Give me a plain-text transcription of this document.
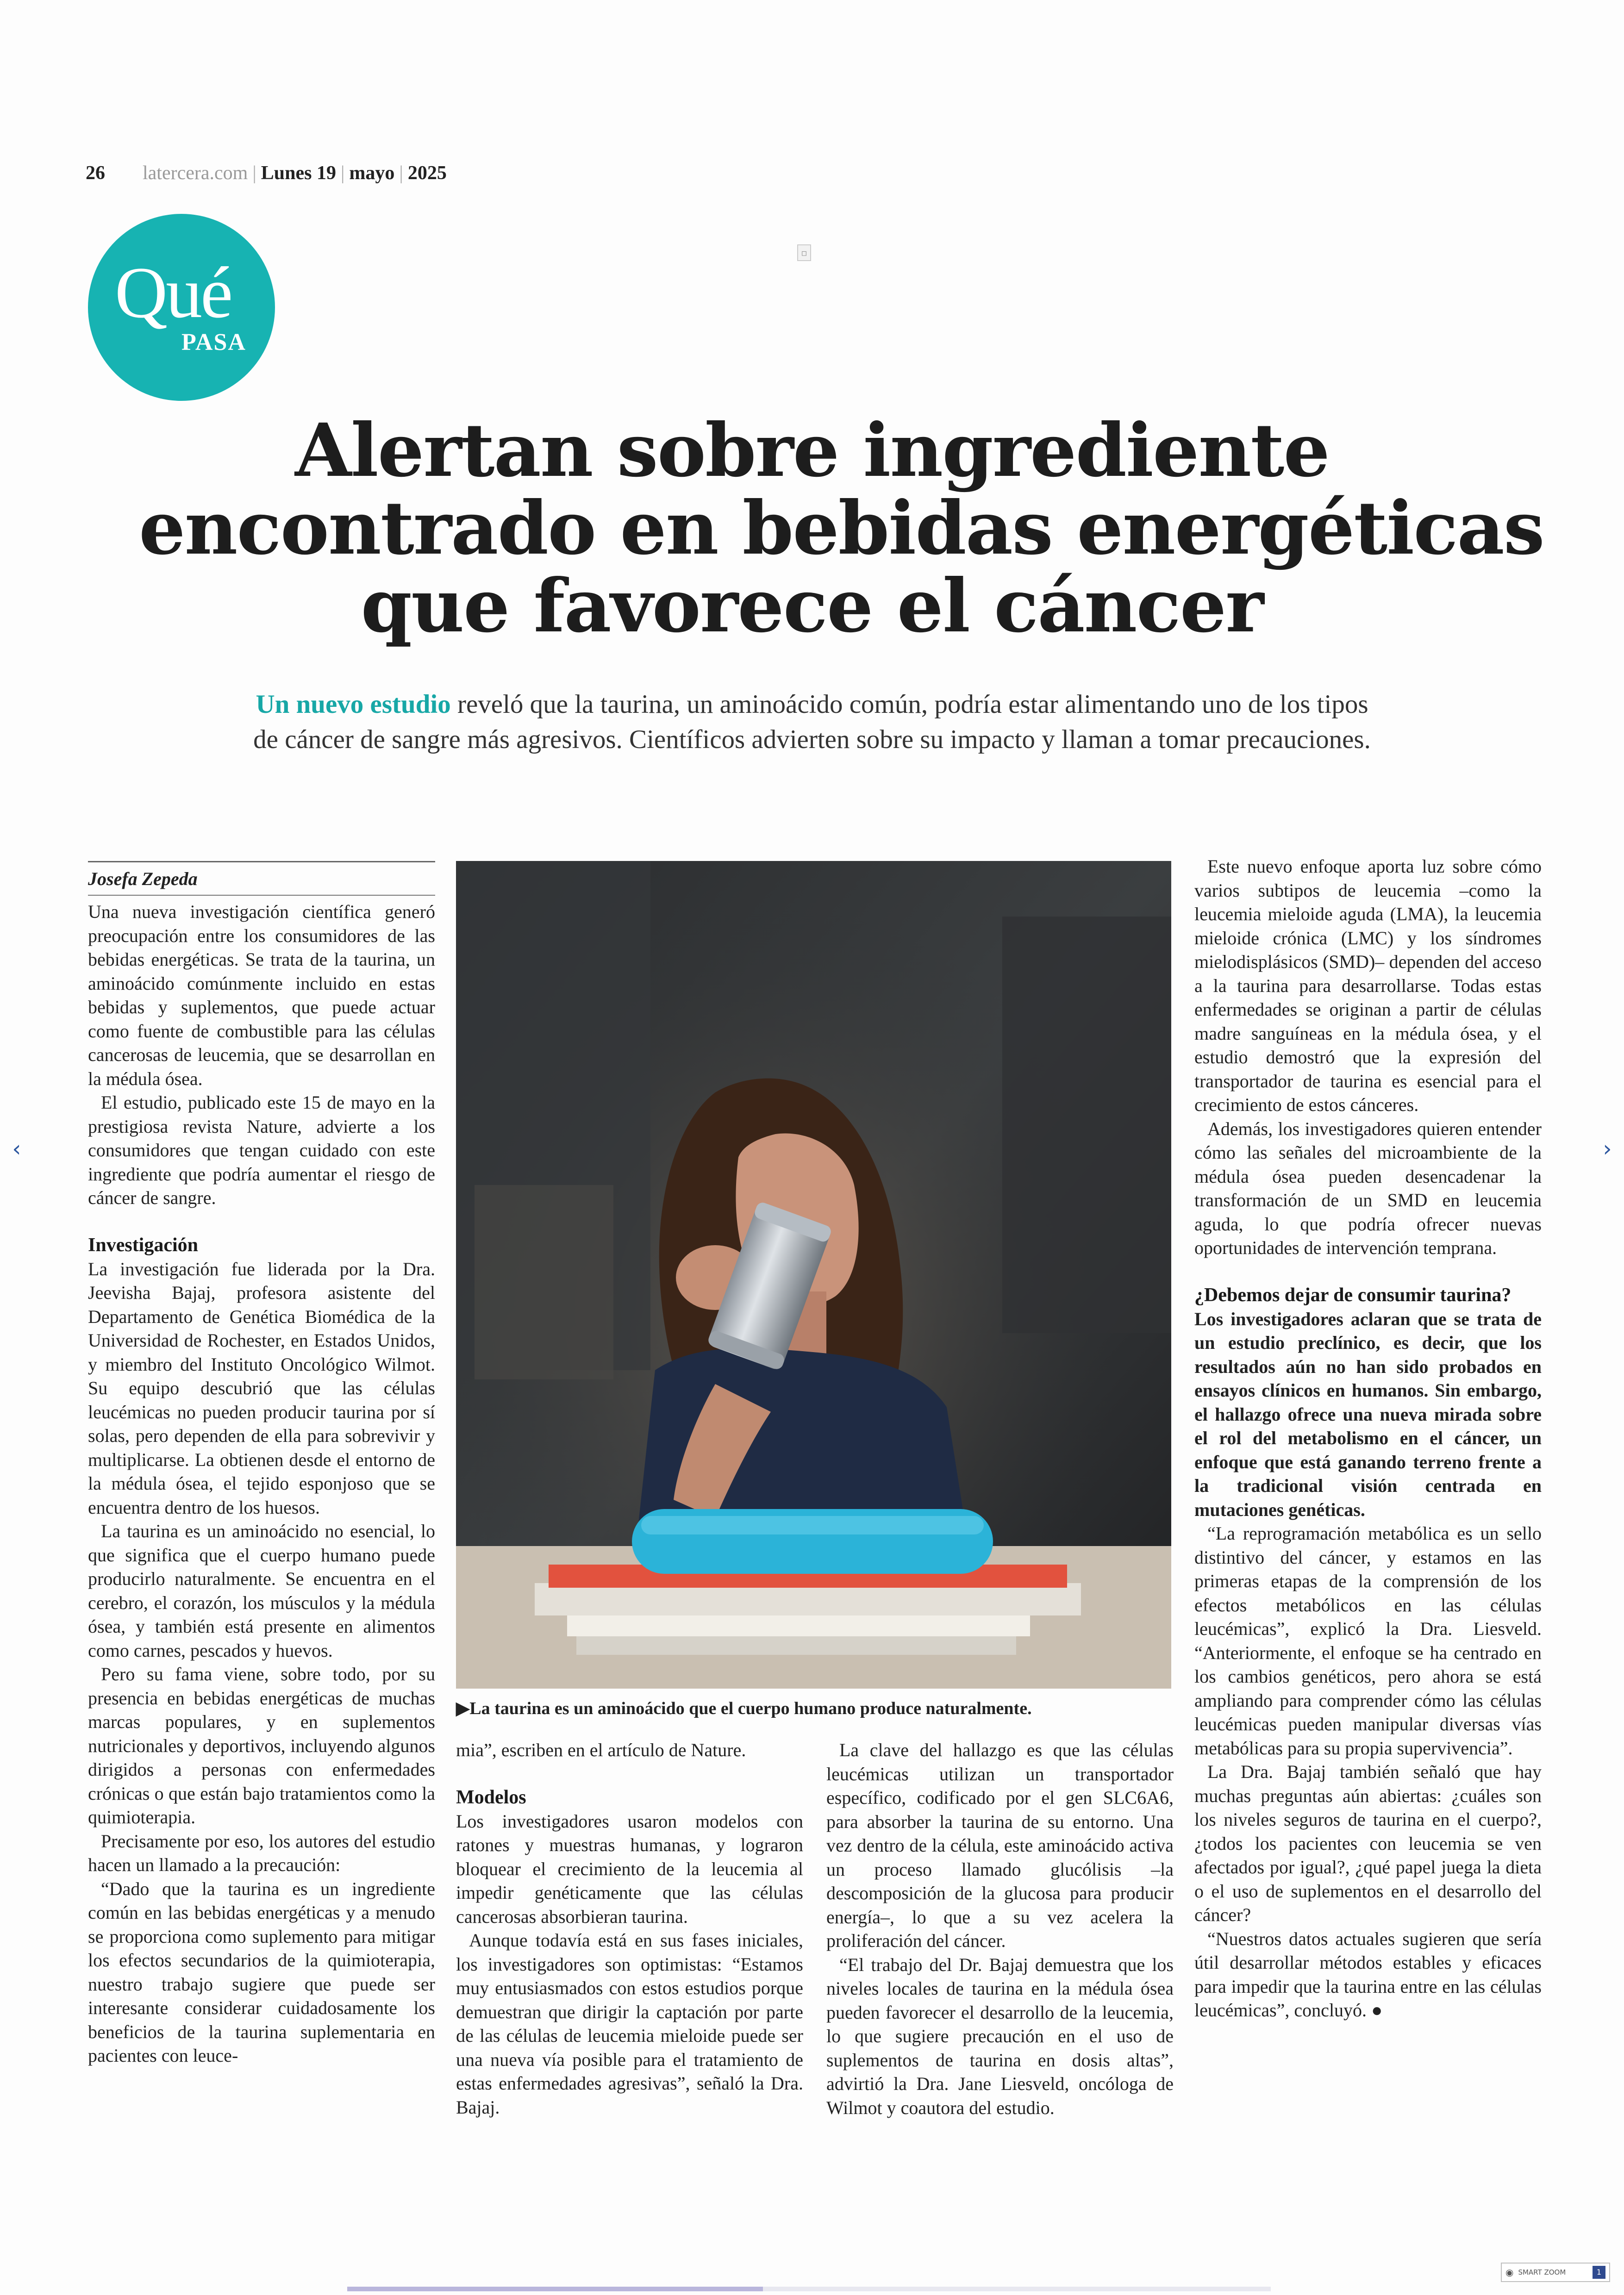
26 latercera.com | Lunes 19 | mayo | 2025
Qué
PASA
▫
Alertan sobre ingrediente
encontrado en bebidas energéticas
que favorece el cáncer
Un nuevo estudio reveló que la taurina, un aminoácido común, podría estar alimentando uno de los tipos
de cáncer de sangre más agresivos. Científicos advierten sobre su impacto y llaman a tomar precauciones.
Josefa Zepeda

Una nueva investigación científica generó preocupación entre los consumidores de las bebidas energéticas. Se trata de la taurina, un aminoácido comúnmente incluido en estas bebidas y suplementos, que puede actuar como fuente de combustible para las células cancerosas de leucemia, que se desarrollan en la médula ósea.

El estudio, publicado este 15 de mayo en la prestigiosa revista Nature, advierte a los consumidores que tengan cuidado con este ingrediente que podría aumentar el riesgo de cáncer de sangre.

Investigación

La investigación fue liderada por la Dra. Jeevisha Bajaj, profesora asistente del Departamento de Genética Biomédica de la Universidad de Rochester, en Estados Unidos, y miembro del Instituto Oncológico Wilmot. Su equipo descubrió que las células leucémicas no pueden producir taurina por sí solas, pero dependen de ella para sobrevivir y multiplicarse. La obtienen desde el entorno de la médula ósea, el tejido esponjoso que se encuentra dentro de los huesos.

La taurina es un aminoácido no esencial, lo que significa que el cuerpo humano puede producirlo naturalmente. Se encuentra en el cerebro, el corazón, los músculos y la médula ósea, y también está presente en alimentos como carnes, pescados y huevos.

Pero su fama viene, sobre todo, por su presencia en bebidas energéticas de muchas marcas populares, y en suplementos nutricionales y deportivos, incluyendo algunos dirigidos a personas con enfermedades crónicas o que están bajo tratamientos como la quimioterapia.

Precisamente por eso, los autores del estudio hacen un llamado a la precaución:

“Dado que la taurina es un ingrediente común en las bebidas energéticas y a menudo se proporciona como suplemento para mitigar los efectos secundarios de la quimioterapia, nuestro trabajo sugiere que puede ser interesante considerar cuidadosamente los beneficios de la taurina suplementaria en pacientes con leuce-

▶La taurina es un aminoácido que el cuerpo humano produce naturalmente.

mia”, escriben en el artículo de Nature.

Modelos

Los investigadores usaron modelos con ratones y muestras humanas, y lograron bloquear el crecimiento de la leucemia al impedir genéticamente que las células cancerosas absorbieran taurina.

Aunque todavía está en sus fases iniciales, los investigadores son optimistas: “Estamos muy entusiasmados con estos estudios porque demuestran que dirigir la captación por parte de las células de leucemia mieloide puede ser una nueva vía posible para el tratamiento de estas enfermedades agresivas”, señaló la Dra. Bajaj.

La clave del hallazgo es que las células leucémicas utilizan un transportador específico, codificado por el gen SLC6A6, para absorber la taurina de su entorno. Una vez dentro de la célula, este aminoácido activa un proceso llamado glucólisis –la descomposición de la glucosa para producir energía–, lo que a su vez acelera la proliferación del cáncer.

“El trabajo del Dr. Bajaj demuestra que los niveles locales de taurina en la médula ósea pueden favorecer el desarrollo de la leucemia, lo que sugiere precaución en el uso de suplementos de taurina en dosis altas”, advirtió la Dra. Jane Liesveld, oncóloga de Wilmot y coautora del estudio.

Este nuevo enfoque aporta luz sobre cómo varios subtipos de leucemia –como la leucemia mieloide aguda (LMA), la leucemia mieloide crónica (LMC) y los síndromes mielodisplásicos (SMD)– dependen del acceso a la taurina para desarrollarse. Todas estas enfermedades se originan a partir de células madre sanguíneas en la médula ósea, y el estudio demostró que la expresión del transportador de taurina es esencial para el crecimiento de estos cánceres.

Además, los investigadores quieren entender cómo las señales del microambiente de la médula ósea pueden desencadenar la transformación de un SMD en leucemia aguda, lo que podría ofrecer nuevas oportunidades de intervención temprana.

¿Debemos dejar de consumir taurina?

Los investigadores aclaran que se trata de un estudio preclínico, es decir, que los resultados aún no han sido probados en ensayos clínicos en humanos. Sin embargo, el hallazgo ofrece una nueva mirada sobre el rol del metabolismo en el cáncer, un enfoque que está ganando terreno frente a la tradicional visión centrada en mutaciones genéticas.

“La reprogramación metabólica es un sello distintivo del cáncer, y estamos en las primeras etapas de la comprensión de los efectos metabólicos en las células leucémicas”, explicó la Dra. Liesveld. “Anteriormente, el enfoque se ha centrado en los cambios genéticos, pero ahora se está ampliando para comprender cómo las células leucémicas pueden manipular diversas vías metabólicas para su propia supervivencia”.

La Dra. Bajaj también señaló que hay muchas preguntas aún abiertas: ¿cuáles son los niveles seguros de taurina en el cuerpo?, ¿todos los pacientes con leucemia se ven afectados por igual?, ¿qué papel juega la dieta o el uso de suplementos en el desarrollo del cáncer?

“Nuestros datos actuales sugieren que sería útil desarrollar métodos estables y eficaces para impedir que la taurina entre en las células leucémicas”, concluyó. ●

‹	›
◉ SMART ZOOM	1
